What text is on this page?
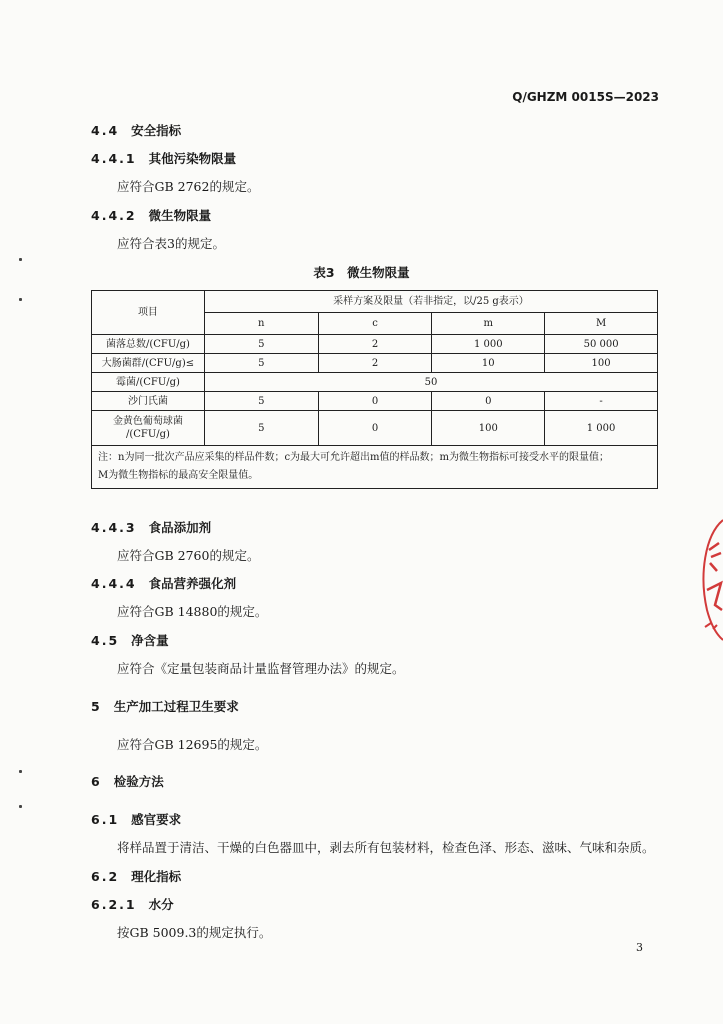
Q/GHZM 0015S—2023
4.4 安全指标
4.4.1 其他污染物限量
应符合GB 2762的规定。
4.4.2 微生物限量
应符合表3的规定。
表3　微生物限量
项目	采样方案及限量（若非指定，以/25 g表示）			
	n	c	m	M
菌落总数/(CFU/g)	5	2	1 000	50 000
大肠菌群/(CFU/g)≤	5	2	10	100
霉菌/(CFU/g)	50			
沙门氏菌	5	0	0	-

金黄色葡萄球菌
/(CFU/g)	5	0	100	1 000

注：n为同一批次产品应采集的样品件数；c为最大可允许超出m值的样品数；m为微生物指标可接受水平的限量值；
M为微生物指标的最高安全限量值。				
4.4.3 食品添加剂
应符合GB 2760的规定。
4.4.4 食品营养强化剂
应符合GB 14880的规定。
4.5 净含量
应符合《定量包装商品计量监督管理办法》的规定。
5 生产加工过程卫生要求
应符合GB 12695的规定。
6 检验方法
6.1 感官要求
将样品置于清洁、干燥的白色器皿中，剥去所有包装材料，检查色泽、形态、滋味、气味和杂质。
6.2 理化指标
6.2.1 水分
按GB 5009.3的规定执行。
3
